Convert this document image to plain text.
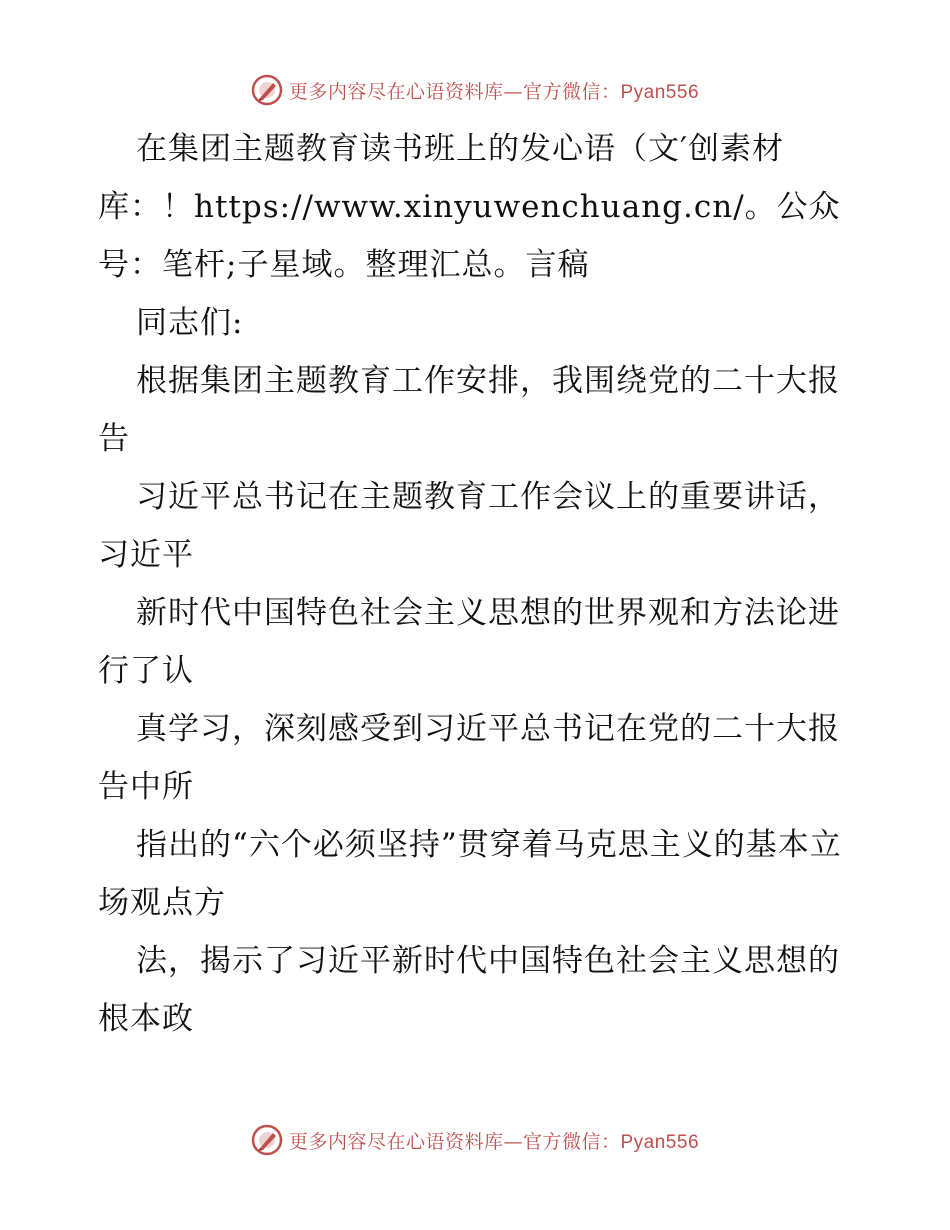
更多内容尽在心语资料库—官方微信：Pyan556

在集团主题教育读书班上的发心语（文′创素材库：！https://www.xinyuwenchuang.cn/。公众号：笔杆;子星域。整理汇总。言稿

同志们:

根据集团主题教育工作安排，我围绕党的二十大报告

习近平总书记在主题教育工作会议上的重要讲话，习近平

新时代中国特色社会主义思想的世界观和方法论进行了认

真学习，深刻感受到习近平总书记在党的二十大报告中所

指出的“六个必须坚持”贯穿着马克思主义的基本立场观点方

法，揭示了习近平新时代中国特色社会主义思想的根本政

更多内容尽在心语资料库—官方微信：Pyan556
